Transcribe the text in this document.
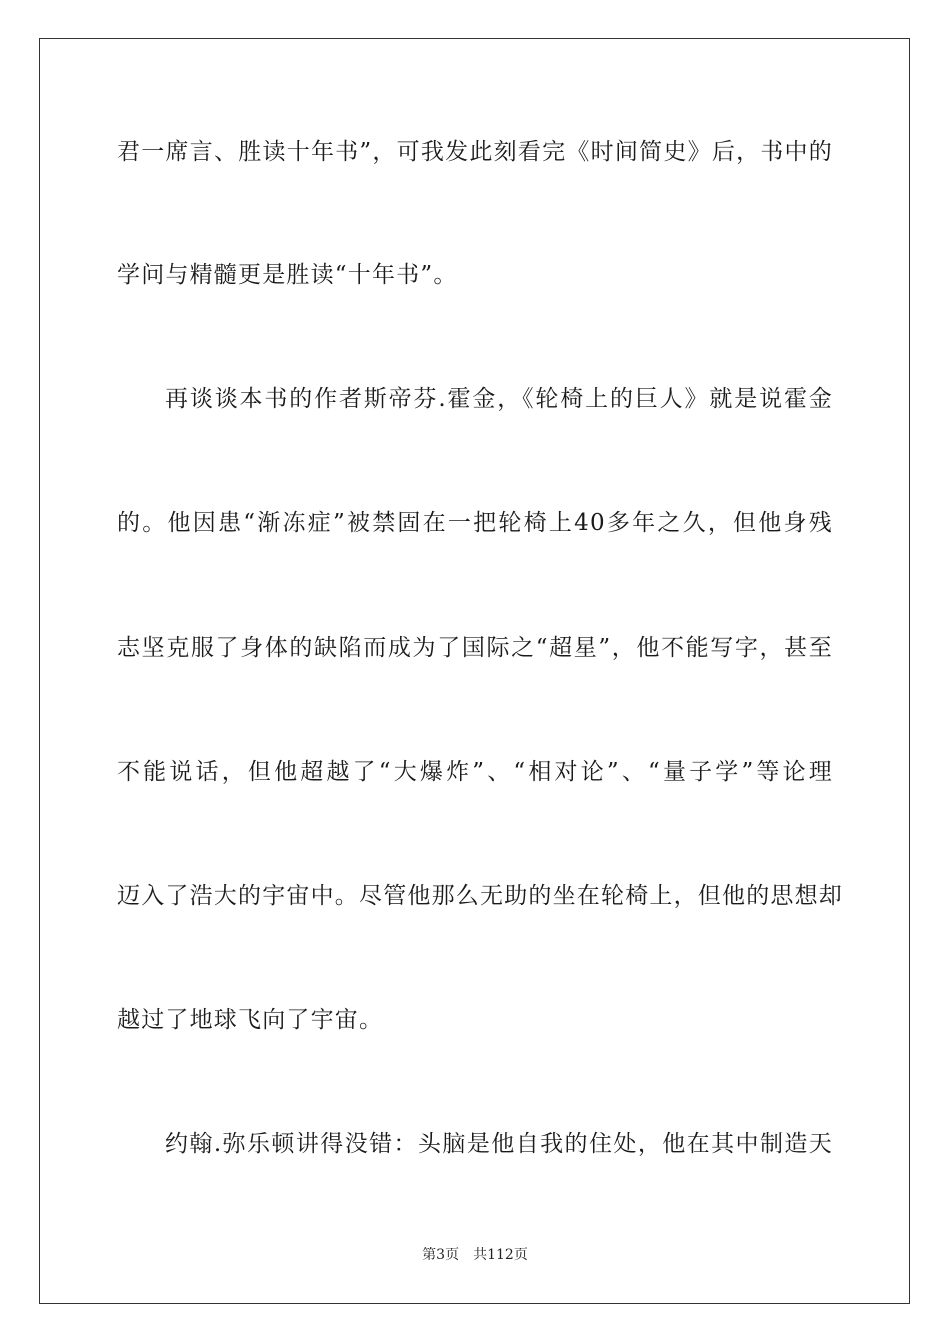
君一席言、胜读十年书”，可我发此刻看完《时间简史》后，书中的
学问与精髓更是胜读“十年书”。
再谈谈本书的作者斯帝芬.霍金，《轮椅上的巨人》就是说霍金
的。他因患“渐冻症”被禁固在一把轮椅上40多年之久，但他身残
志坚克服了身体的缺陷而成为了国际之“超星”，他不能写字，甚至
不能说话，但他超越了“大爆炸”、“相对论”、“量子学”等论理
迈入了浩大的宇宙中。尽管他那么无助的坐在轮椅上，但他的思想却
越过了地球飞向了宇宙。
约翰.弥乐顿讲得没错：头脑是他自我的住处，他在其中制造天
第3页 共112页
